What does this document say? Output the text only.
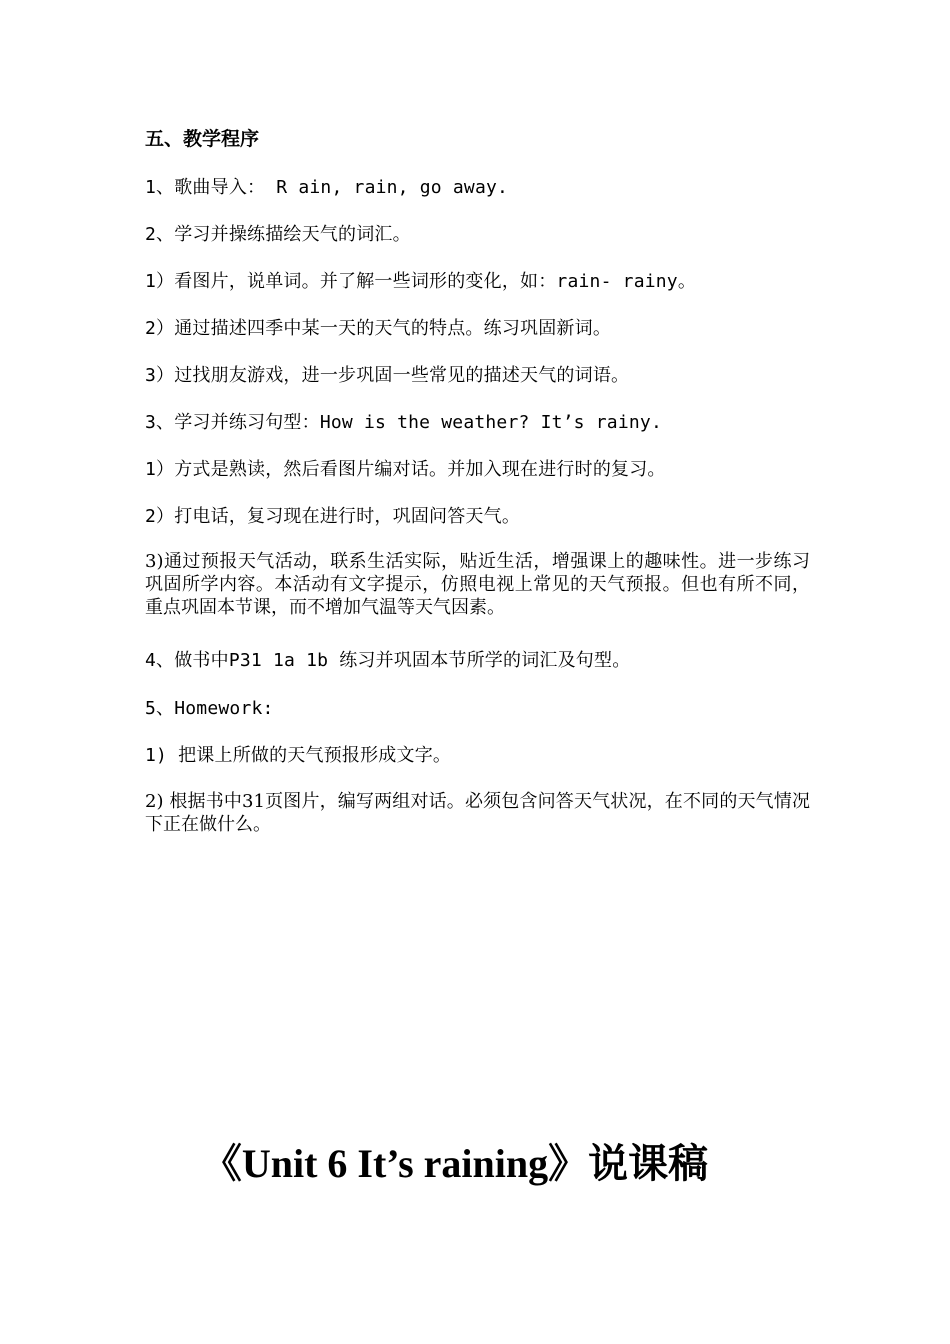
五、教学程序
1、歌曲导入： R ain, rain, go away.
2、学习并操练描绘天气的词汇。
1）看图片，说单词。并了解一些词形的变化，如：rain- rainy。
2）通过描述四季中某一天的天气的特点。练习巩固新词。
3）过找朋友游戏，进一步巩固一些常见的描述天气的词语。
3、学习并练习句型：How is the weather? It’s rainy.
1）方式是熟读，然后看图片编对话。并加入现在进行时的复习。
2）打电话，复习现在进行时，巩固问答天气。
3)通过预报天气活动，联系生活实际，贴近生活，增强课上的趣味性。进一步练习巩固所学内容。本活动有文字提示，仿照电视上常见的天气预报。但也有所不同，重点巩固本节课，而不增加气温等天气因素。
4、做书中P31 1a 1b 练习并巩固本节所学的词汇及句型。
5、Homework:
1) 把课上所做的天气预报形成文字。
2) 根据书中31页图片，编写两组对话。必须包含问答天气状况，在不同的天气情况下正在做什么。
《Unit 6 It’s raining》说课稿
